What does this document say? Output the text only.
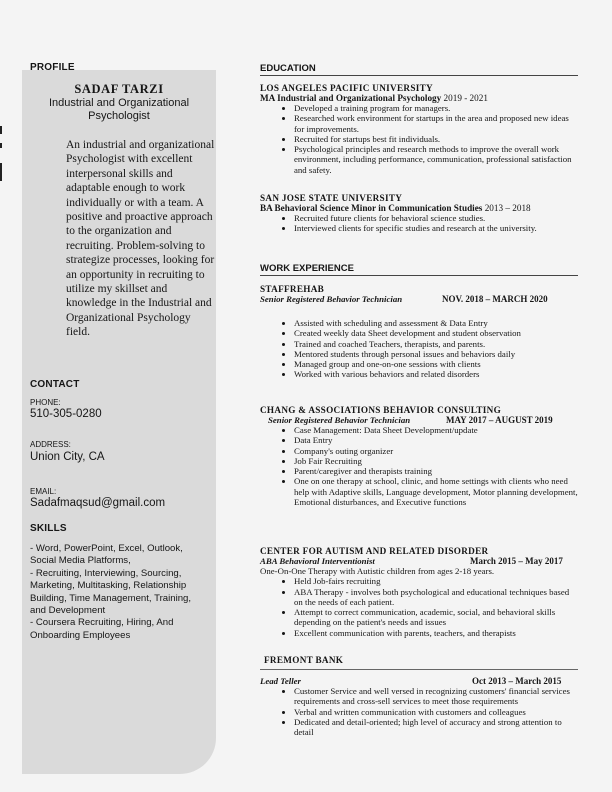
PROFILE
SADAF TARZI
Industrial and Organizational Psychologist
An industrial and organizational Psychologist with excellent interpersonal skills and adaptable enough to work individually or with a team. A positive and proactive approach to the organization and recruiting. Problem-solving to strategize processes, looking for an opportunity in recruiting to utilize my skillset and knowledge in the Industrial and Organizational Psychology field.
CONTACT
PHONE:
510-305-0280
ADDRESS:
Union City, CA
EMAIL:
Sadafmaqsud@gmail.com
SKILLS
- Word, PowerPoint, Excel, Outlook,
Social Media Platforms,
- Recruiting, Interviewing, Sourcing,
Marketing, Multitasking, Relationship
Building, Time Management, Training,
and Development
- Coursera Recruiting, Hiring, And
Onboarding Employees
EDUCATION
LOS ANGELES PACIFIC UNIVERSITY
MA Industrial and Organizational Psychology 2019 - 2021
• Developed a training program for managers.
• Researched work environment for startups in the area and proposed new ideas for improvements.
• Recruited for startups best fit individuals.
• Psychological principles and research methods to improve the overall work environment, including performance, communication, professional satisfaction and safety.
SAN JOSE STATE UNIVERSITY
BA Behavioral Science Minor in Communication Studies 2013 – 2018
• Recruited future clients for behavioral science studies.
• Interviewed clients for specific studies and research at the university.
WORK EXPERIENCE
STAFFREHAB
Senior Registered Behavior Technician	NOV. 2018 – MARCH 2020
• Assisted with scheduling and assessment & Data Entry
• Created weekly data Sheet development and student observation
• Trained and coached Teachers, therapists, and parents.
• Mentored students through personal issues and behaviors daily
• Managed group and one-on-one sessions with clients
• Worked with various behaviors and related disorders
CHANG & ASSOCIATIONS BEHAVIOR CONSULTING
Senior Registered Behavior Technician	MAY 2017 – AUGUST 2019
• Case Management: Data Sheet Development/update
• Data Entry
• Company's outing organizer
• Job Fair Recruiting
• Parent/caregiver and therapists training
• One on one therapy at school, clinic, and home settings with clients who need help with Adaptive skills, Language development, Motor planning development, Emotional disturbances, and Executive functions
CENTER FOR AUTISM AND RELATED DISORDER
ABA Behavioral Interventionist	March 2015 – May 2017
One-On-One Therapy with Autistic children from ages 2-18 years.
• Held Job-fairs recruiting
• ABA Therapy - involves both psychological and educational techniques based on the needs of each patient.
• Attempt to correct communication, academic, social, and behavioral skills depending on the patient's needs and issues
• Excellent communication with parents, teachers, and therapists
FREMONT BANK
Lead Teller	Oct 2013 – March 2015
• Customer Service and well versed in recognizing customers' financial services requirements and cross-sell services to meet those requirements
• Verbal and written communication with customers and colleagues
• Dedicated and detail-oriented; high level of accuracy and strong attention to detail
